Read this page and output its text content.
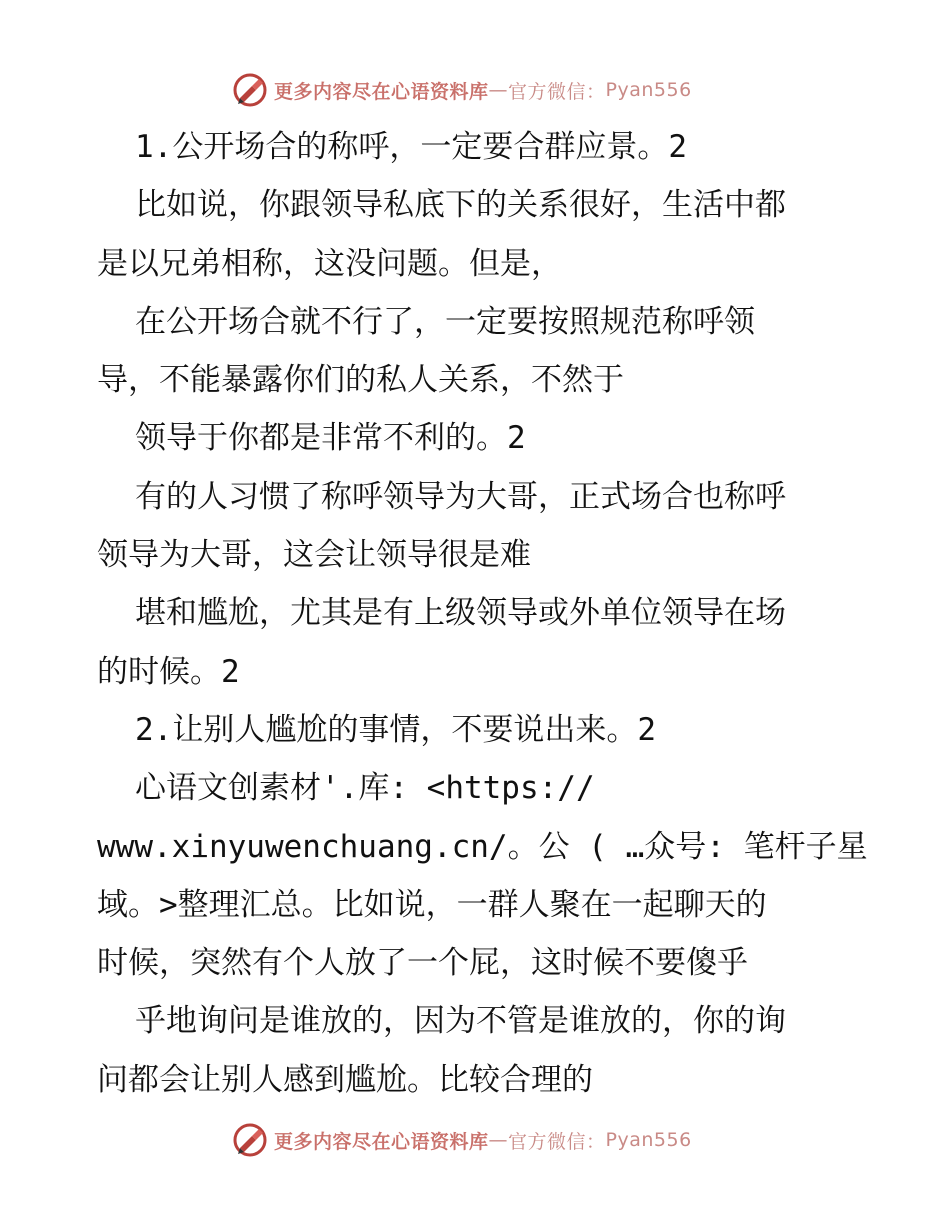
更多内容尽在心语资料库 — 官方微信： Pyan556
1.公开场合的称呼，一定要合群应景。2
比如说，你跟领导私底下的关系很好，生活中都
是以兄弟相称，这没问题。但是，
在公开场合就不行了，一定要按照规范称呼领
导，不能暴露你们的私人关系，不然于
领导于你都是非常不利的。2
有的人习惯了称呼领导为大哥，正式场合也称呼
领导为大哥，这会让领导很是难
堪和尴尬，尤其是有上级领导或外单位领导在场
的时候。2
2.让别人尴尬的事情，不要说出来。2
心语文创素材'.库: <https://
www.xinyuwenchuang.cn/。公 ( …众号: 笔杆子星
域。>整理汇总。比如说，一群人聚在一起聊天的
时候，突然有个人放了一个屁，这时候不要傻乎
乎地询问是谁放的，因为不管是谁放的，你的询
问都会让别人感到尴尬。比较合理的
更多内容尽在心语资料库 — 官方微信： Pyan556
